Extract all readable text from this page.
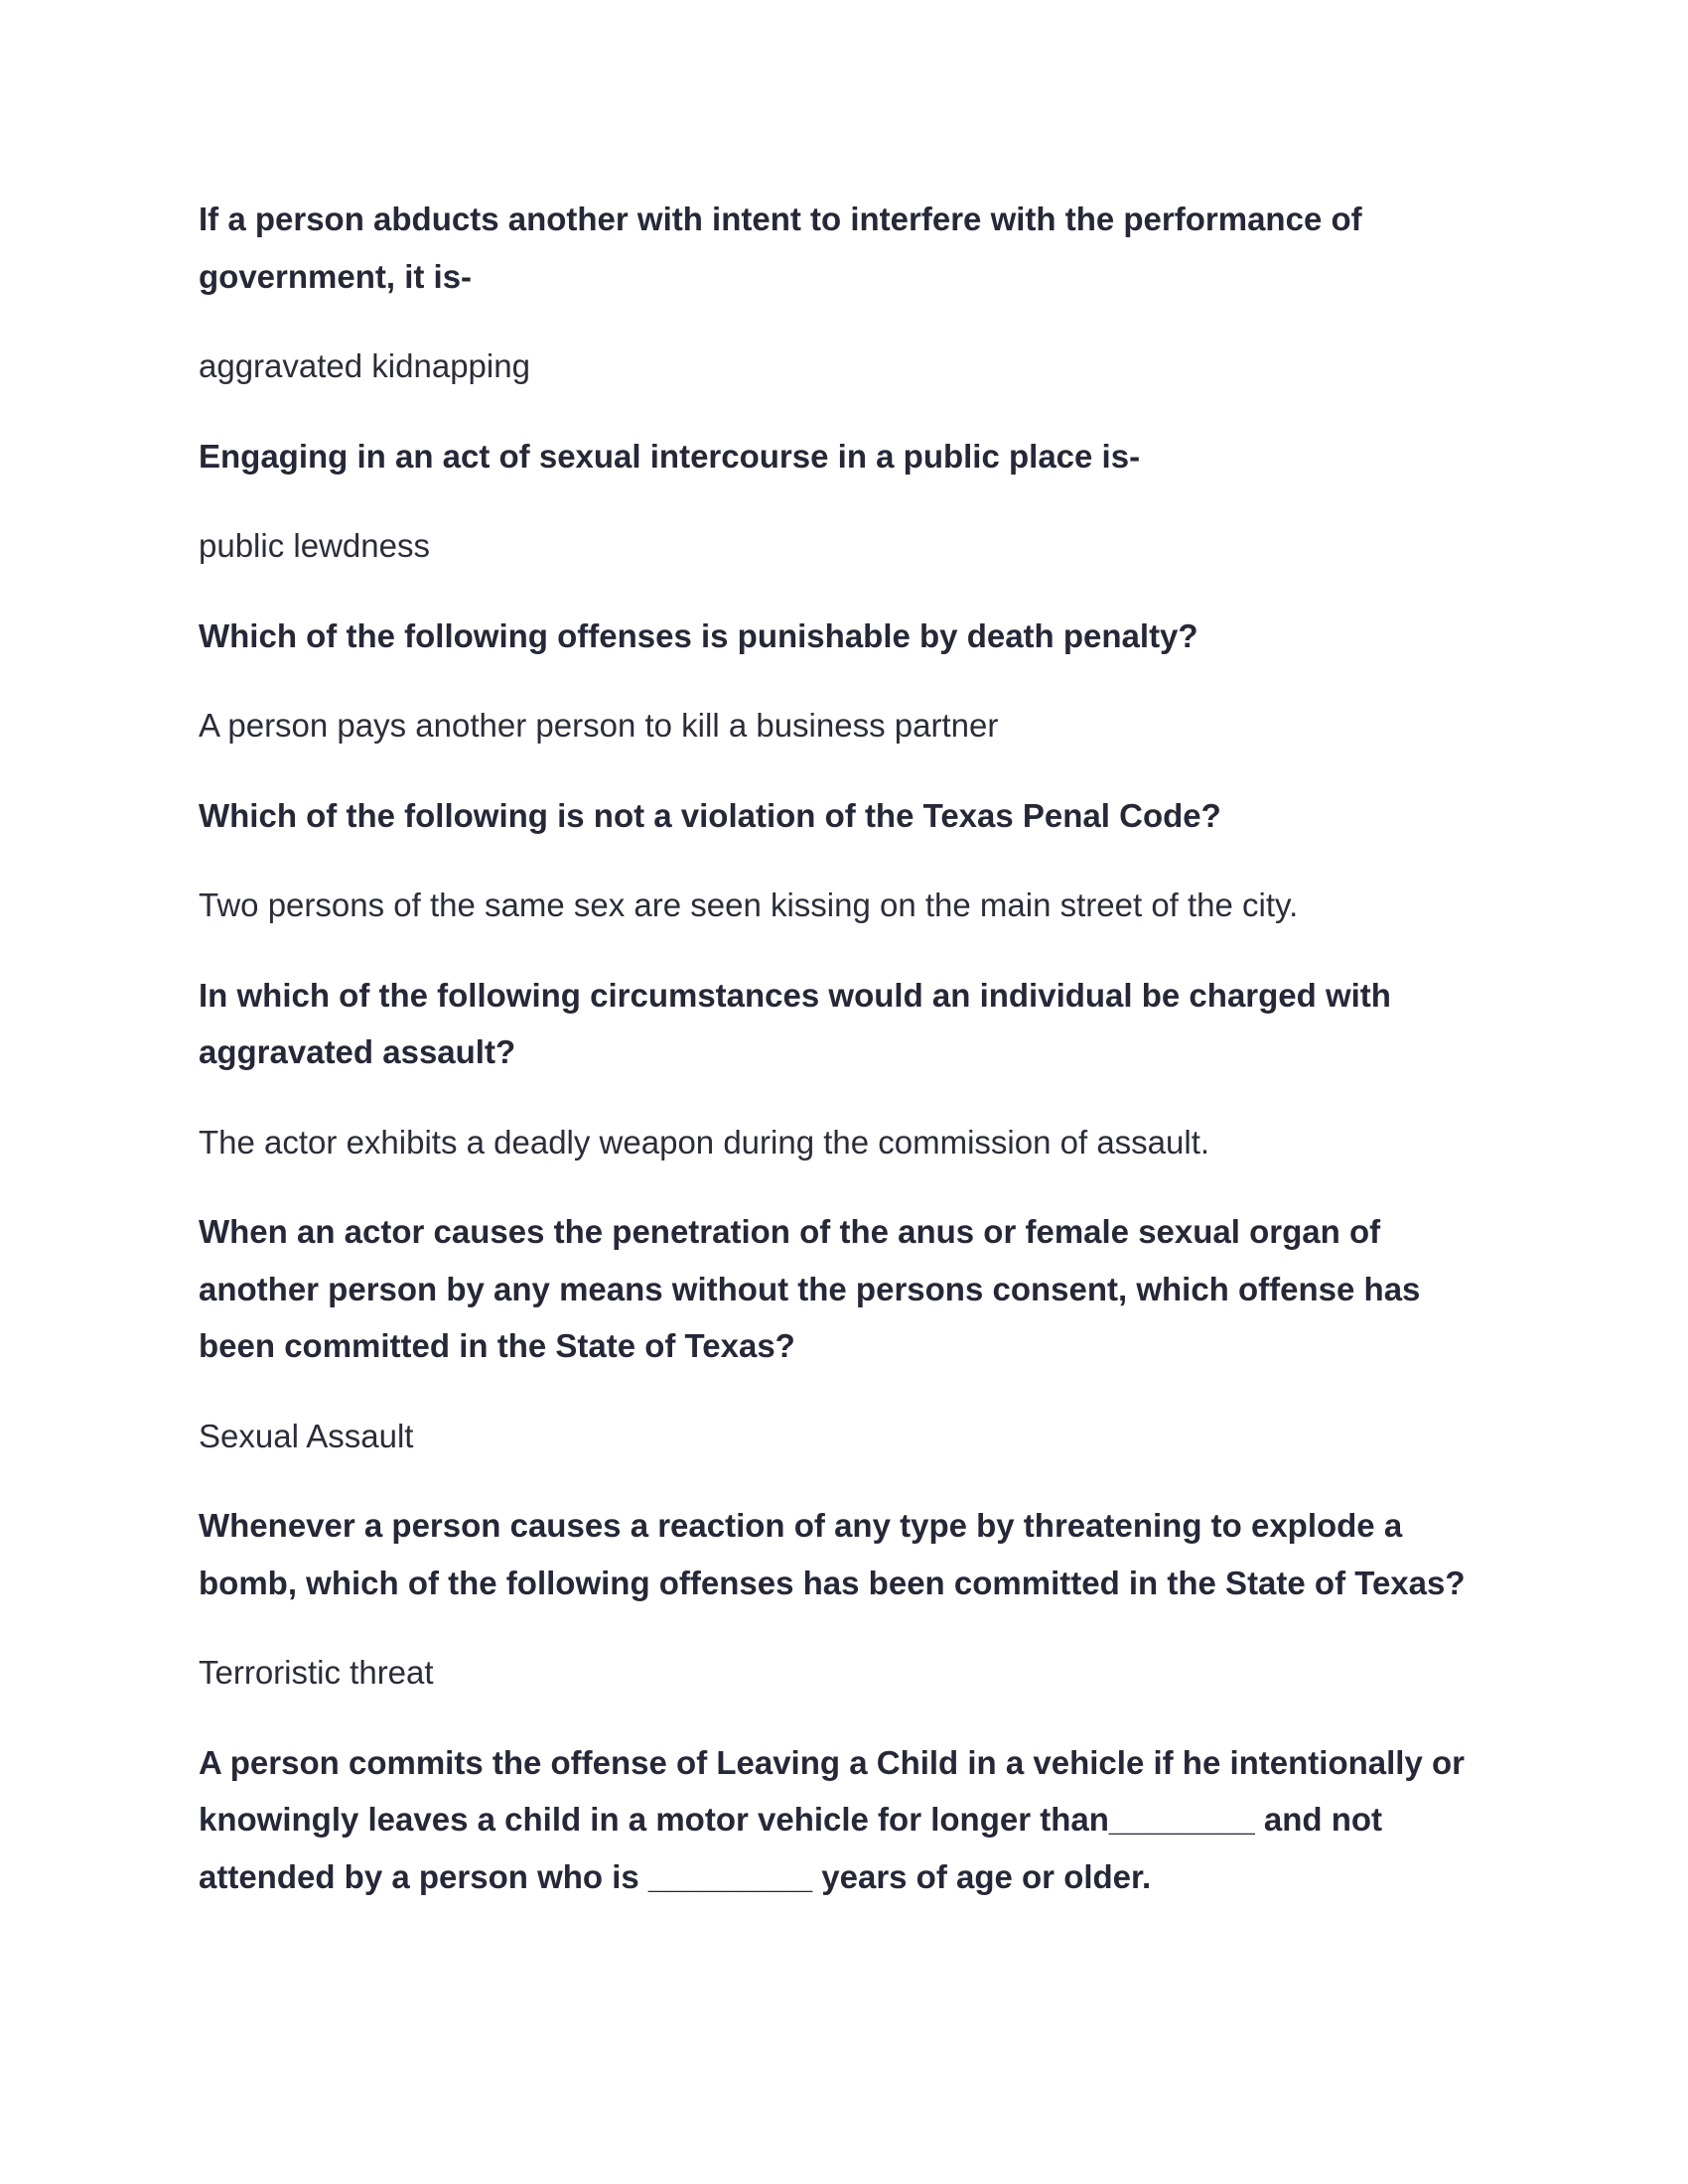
If a person abducts another with intent to interfere with the performance of government, it is-

aggravated kidnapping

Engaging in an act of sexual intercourse in a public place is-

public lewdness

Which of the following offenses is punishable by death penalty?

A person pays another person to kill a business partner

Which of the following is not a violation of the Texas Penal Code?

Two persons of the same sex are seen kissing on the main street of the city.

In which of the following circumstances would an individual be charged with aggravated assault?

The actor exhibits a deadly weapon during the commission of assault.

When an actor causes the penetration of the anus or female sexual organ of another person by any means without the persons consent, which offense has been committed in the State of Texas?

Sexual Assault

Whenever a person causes a reaction of any type by threatening to explode a bomb, which of the following offenses has been committed in the State of Texas?

Terroristic threat

A person commits the offense of Leaving a Child in a vehicle if he intentionally or knowingly leaves a child in a motor vehicle for longer than________ and not attended by a person who is _________ years of age or older.
